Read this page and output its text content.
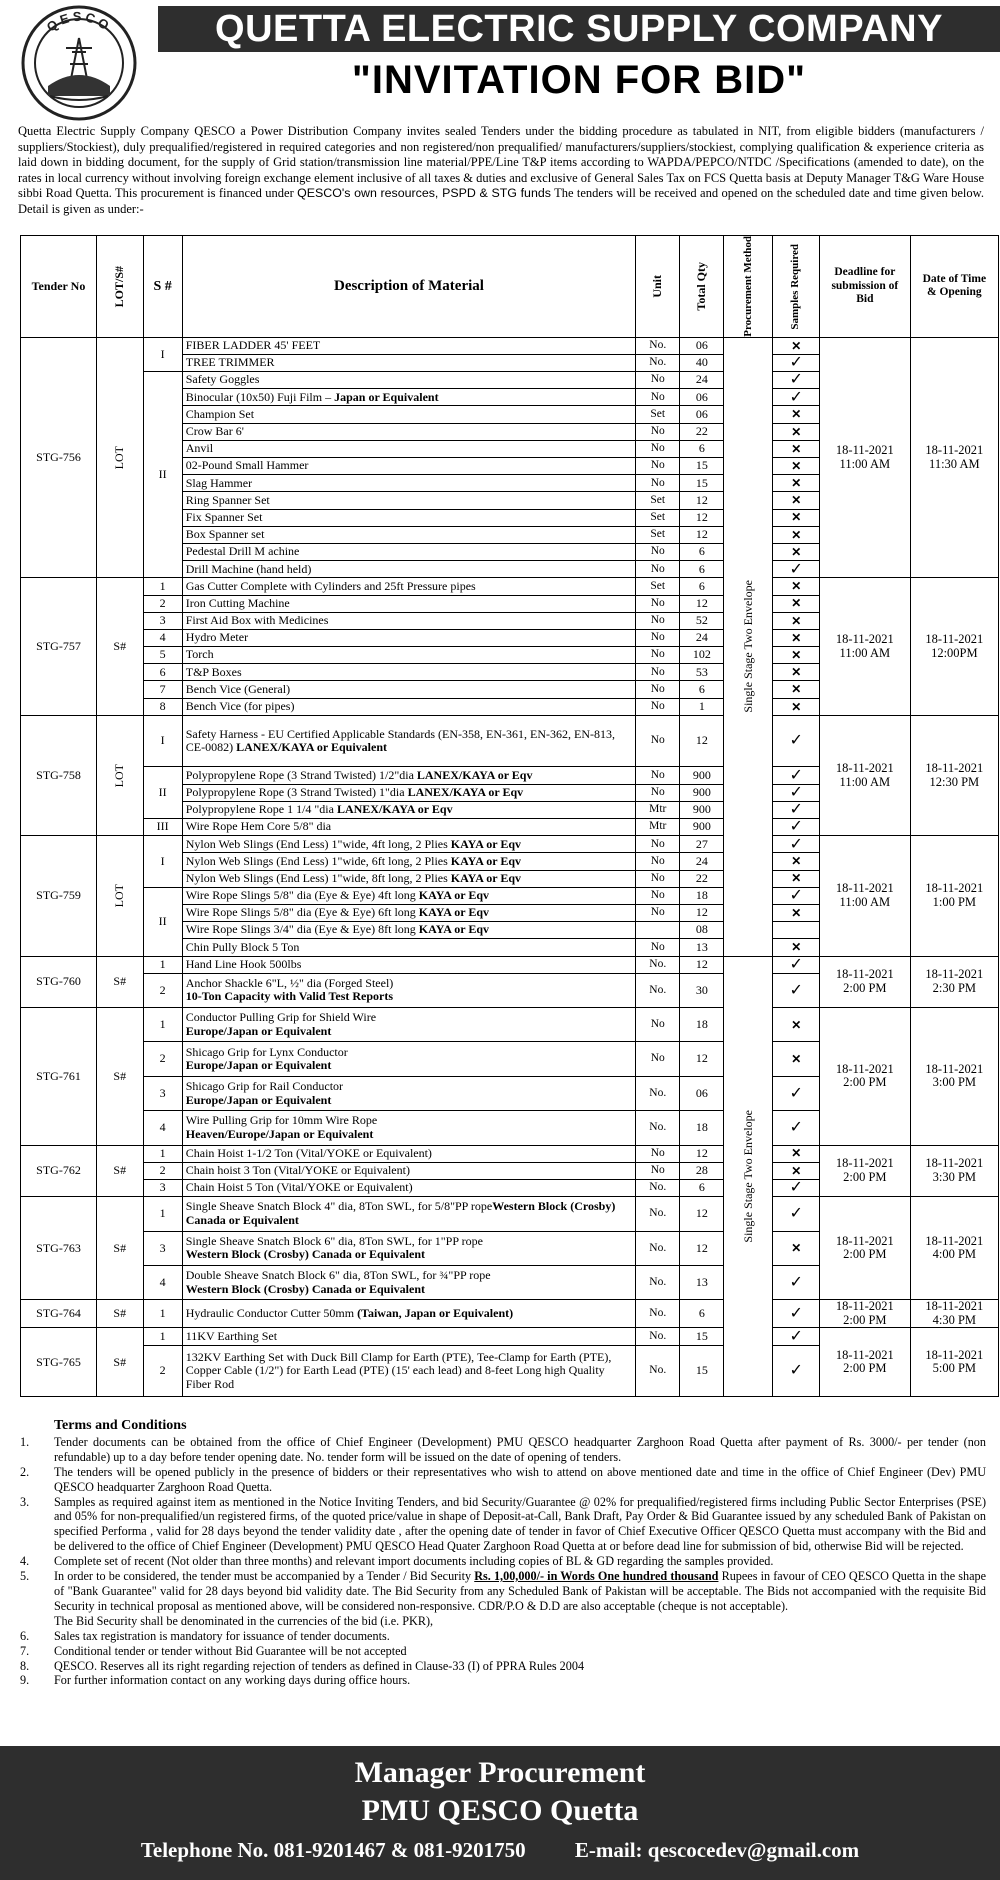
QESCO	QUETTA ELECTRIC SUPPLY COMPANY
"INVITATION FOR BID"
Quetta Electric Supply Company QESCO a Power Distribution Company invites sealed Tenders under the bidding procedure as tabulated in NIT, from eligible bidders (manufacturers / suppliers/Stockiest), duly prequalified/registered in required categories and non registered/non prequalified/ manufacturers/suppliers/stockiest, complying qualification & experience criteria as laid down in bidding document, for the supply of Grid station/transmission line material/PPE/Line T&P items according to WAPDA/PEPCO/NTDC /Specifications (amended to date), on the rates in local currency without involving foreign exchange element inclusive of all taxes & duties and exclusive of General Sales Tax on FCS Quetta basis at Deputy Manager T&G Ware House sibbi Road Quetta. This procurement is financed under QESCO's own resources, PSPD & STG funds The tenders will be received and opened on the scheduled date and time given below. Detail is given as under:-
Tender No	LOT/S#	S #	Description of Material	Unit	Total Qty	Procurement Method	Samples Required	Deadline for submission of Bid	Date of Time & Opening
STG-756	LOT	I	FIBER LADDER 45' FEET	No.	06	Single Stage Two Envelope	✕	18-11-2021
11:00 AM	18-11-2021
11:30 AM
			TREE TRIMMER	No.	40		✓		
		II	Safety Goggles	No	24		✓		
			Binocular (10x50) Fuji Film – Japan or Equivalent	No	06		✓		
			Champion Set	Set	06		✕		
			Crow Bar 6'	No	22		✕		
			Anvil	No	6		✕		
			02-Pound Small Hammer	No	15		✕		
			Slag Hammer	No	15		✕		
			Ring Spanner Set	Set	12		✕		
			Fix Spanner Set	Set	12		✕		
			Box Spanner set	Set	12		✕		
			Pedestal Drill M achine	No	6		✕		
			Drill Machine (hand held)	No	6		✓		
STG-757	S#	1	Gas Cutter Complete with Cylinders and 25ft Pressure pipes	Set	6		✕	18-11-2021
11:00 AM	18-11-2021
12:00PM
		2	Iron Cutting Machine	No	12		✕		
		3	First Aid Box with Medicines	No	52		✕		
		4	Hydro Meter	No	24		✕		
		5	Torch	No	102		✕		
		6	T&P Boxes	No	53		✕		
		7	Bench Vice (General)	No	6		✕		
		8	Bench Vice (for pipes)	No	1		✕		
STG-758	LOT	I	Safety Harness - EU Certified Applicable Standards (EN-358, EN-361, EN-362, EN-813, CE-0082) LANEX/KAYA or Equivalent	No	12		✓	18-11-2021
11:00 AM	18-11-2021
12:30 PM
		II	Polypropylene Rope (3 Strand Twisted) 1/2"dia LANEX/KAYA or Eqv	No	900		✓		
			Polypropylene Rope (3 Strand Twisted) 1"dia LANEX/KAYA or Eqv	No	900		✓		
			Polypropylene Rope 1 1/4 "dia LANEX/KAYA or Eqv	Mtr	900		✓		
		III	Wire Rope Hem Core 5/8" dia	Mtr	900		✓		
STG-759	LOT	I	Nylon Web Slings (End Less) 1"wide, 4ft long, 2 Plies KAYA or Eqv	No	27		✓	18-11-2021
11:00 AM	18-11-2021
1:00 PM
			Nylon Web Slings (End Less) 1"wide, 6ft long, 2 Plies KAYA or Eqv	No	24		✕		
			Nylon Web Slings (End Less) 1"wide, 8ft long, 2 Plies KAYA or Eqv	No	22		✕		
		II	Wire Rope Slings 5/8" dia (Eye & Eye) 4ft long KAYA or Eqv	No	18		✓		
			Wire Rope Slings 5/8" dia (Eye & Eye) 6ft long KAYA or Eqv	No	12		✕		
			Wire Rope Slings 3/4" dia (Eye & Eye) 8ft long KAYA or Eqv		08				
			Chin Pully Block 5 Ton	No	13		✕		
STG-760	S#	1	Hand Line Hook 500lbs	No.	12	Single Stage Two Envelope	✓	18-11-2021
2:00 PM	18-11-2021
2:30 PM
		2	Anchor Shackle 6"L, ½" dia (Forged Steel)
10-Ton Capacity with Valid Test Reports	No.	30		✓		
STG-761	S#	1	Conductor Pulling Grip for Shield Wire
Europe/Japan or Equivalent	No	18		✕	18-11-2021
2:00 PM	18-11-2021
3:00 PM
		2	Shicago Grip for Lynx Conductor
Europe/Japan or Equivalent	No	12		✕		
		3	Shicago Grip for Rail Conductor
Europe/Japan or Equivalent	No.	06		✓		
		4	Wire Pulling Grip for 10mm Wire Rope
Heaven/Europe/Japan or Equivalent	No.	18		✓		
STG-762	S#	1	Chain Hoist 1-1/2 Ton (Vital/YOKE or Equivalent)	No	12		✕	18-11-2021
2:00 PM	18-11-2021
3:30 PM
		2	Chain hoist 3 Ton (Vital/YOKE or Equivalent)	No	28		✕		
		3	Chain Hoist 5 Ton (Vital/YOKE or Equivalent)	No.	6		✓		
STG-763	S#	1	Single Sheave Snatch Block 4" dia, 8Ton SWL, for 5/8"PP ropeWestern Block (Crosby) Canada or Equivalent	No.	12		✓	18-11-2021
2:00 PM	18-11-2021
4:00 PM
		3	Single Sheave Snatch Block 6" dia, 8Ton SWL, for 1"PP rope
Western Block (Crosby) Canada or Equivalent	No.	12		✕		
		4	Double Sheave Snatch Block 6" dia, 8Ton SWL, for ¾"PP rope
Western Block (Crosby) Canada or Equivalent	No.	13		✓		
STG-764	S#	1	Hydraulic Conductor Cutter 50mm (Taiwan, Japan or Equivalent)	No.	6		✓	18-11-2021
2:00 PM	18-11-2021
4:30 PM
STG-765	S#	1	11KV Earthing Set	No.	15		✓	18-11-2021
2:00 PM	18-11-2021
5:00 PM
		2	132KV Earthing Set with Duck Bill Clamp for Earth (PTE), Tee-Clamp for Earth (PTE), Copper Cable (1/2") for Earth Lead (PTE) (15' each lead) and 8-feet Long high Quality Fiber Rod	No.	15		✓		
Terms and Conditions
1. Tender documents can be obtained from the office of Chief Engineer (Development) PMU QESCO headquarter Zarghoon Road Quetta after payment of Rs. 3000/- per tender (non refundable) up to a day before tender opening date. No. tender form will be issued on the date of opening of tenders.
2. The tenders will be opened publicly in the presence of bidders or their representatives who wish to attend on above mentioned date and time in the office of Chief Engineer (Dev) PMU QESCO headquarter Zarghoon Road Quetta.
3. Samples as required against item as mentioned in the Notice Inviting Tenders, and bid Security/Guarantee @ 02% for prequalified/registered firms including Public Sector Enterprises (PSE) and 05% for non-prequalified/un registered firms, of the quoted price/value in shape of Deposit-at-Call, Bank Draft, Pay Order & Bid Guarantee issued by any scheduled Bank of Pakistan on specified Performa , valid for 28 days beyond the tender validity date , after the opening date of tender in favor of Chief Executive Officer QESCO Quetta must accompany with the Bid and be delivered to the office of Chief Engineer (Development) PMU QESCO Head Quater Zarghoon Road Quetta at or before dead line for submission of bid, otherwise Bid will be rejected.
4. Complete set of recent (Not older than three months) and relevant import documents including copies of BL & GD regarding the samples provided.
5. In order to be considered, the tender must be accompanied by a Tender / Bid Security Rs. 1,00,000/- in Words One hundred thousand Rupees in favour of CEO QESCO Quetta in the shape of "Bank Guarantee" valid for 28 days beyond bid validity date. The Bid Security from any Scheduled Bank of Pakistan will be acceptable. The Bids not accompanied with the requisite Bid Security in technical proposal as mentioned above, will be considered non-responsive. CDR/P.O & D.D are also acceptable (cheque is not acceptable).
The Bid Security shall be denominated in the currencies of the bid (i.e. PKR),
6. Sales tax registration is mandatory for issuance of tender documents.
7. Conditional tender or tender without Bid Guarantee will be not accepted
8. QESCO. Reserves all its right regarding rejection of tenders as defined in Clause-33 (I) of PPRA Rules 2004
9. For further information contact on any working days during office hours.
Manager Procurement
PMU QESCO Quetta
Telephone No. 081-9201467 & 081-9201750 E-mail: qescocedev@gmail.com
